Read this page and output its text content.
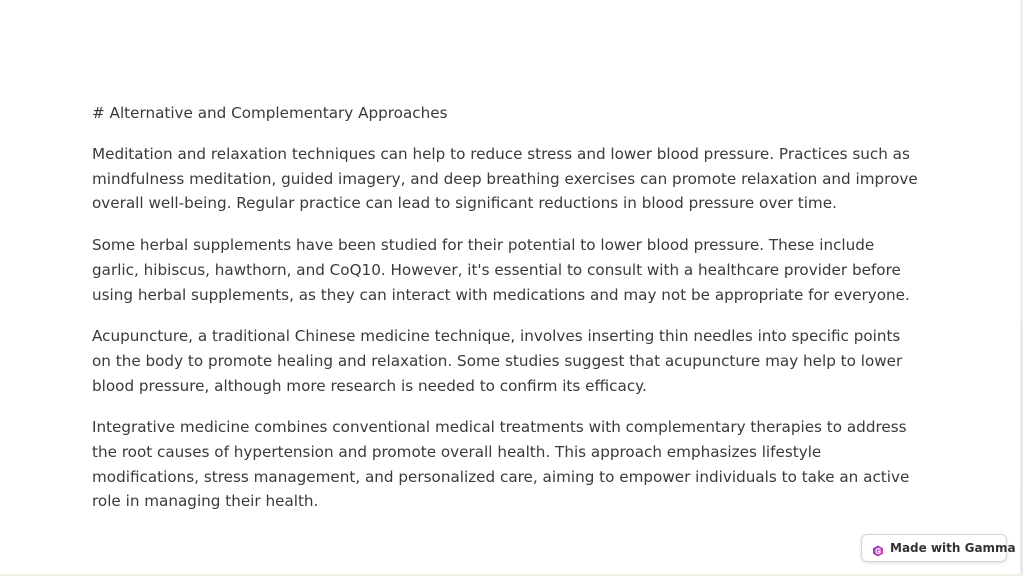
# Alternative and Complementary Approaches

Meditation and relaxation techniques can help to reduce stress and lower blood pressure. Practices such as mindfulness meditation, guided imagery, and deep breathing exercises can promote relaxation and improve overall well-being. Regular practice can lead to significant reductions in blood pressure over time.

Some herbal supplements have been studied for their potential to lower blood pressure. These include garlic, hibiscus, hawthorn, and CoQ10. However, it's essential to consult with a healthcare provider before using herbal supplements, as they can interact with medications and may not be appropriate for everyone.

Acupuncture, a traditional Chinese medicine technique, involves inserting thin needles into specific points on the body to promote healing and relaxation. Some studies suggest that acupuncture may help to lower blood pressure, although more research is needed to confirm its efficacy.

Integrative medicine combines conventional medical treatments with complementary therapies to address the root causes of hypertension and promote overall health. This approach emphasizes lifestyle modifications, stress management, and personalized care, aiming to empower individuals to take an active role in managing their health.

Made with Gamma
